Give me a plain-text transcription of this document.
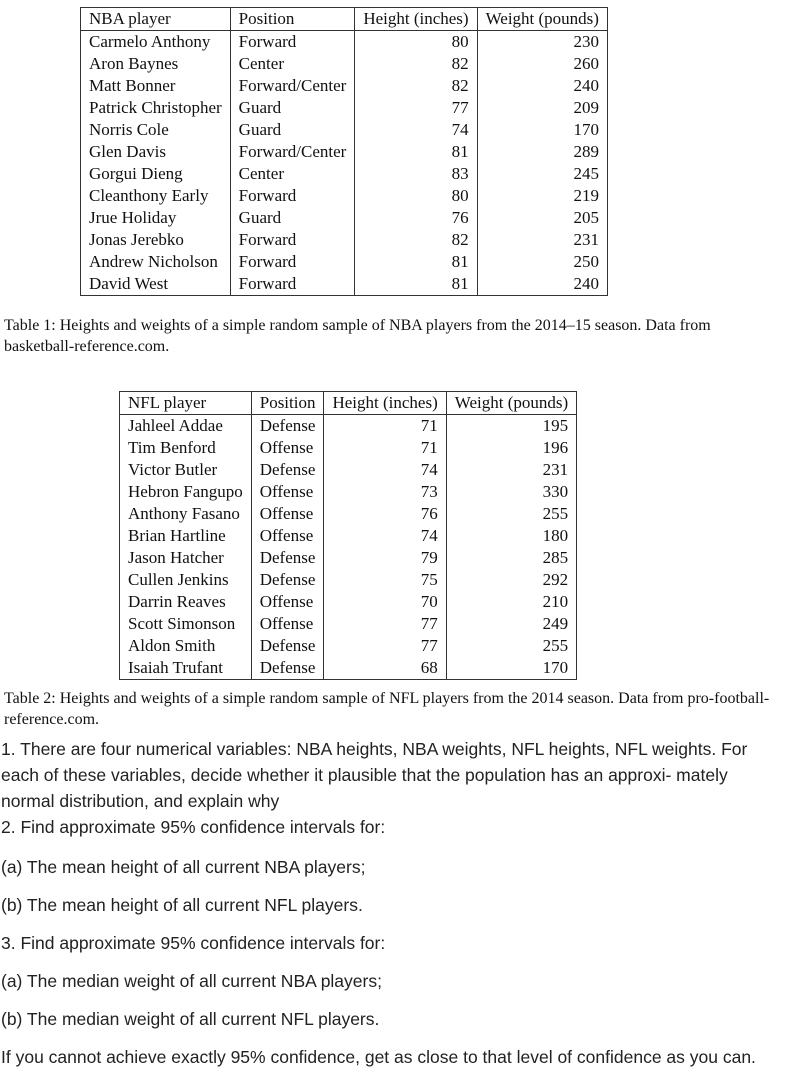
NBA player	Position	Height (inches)	Weight (pounds)
Carmelo Anthony	Forward	80	230
Aron Baynes	Center	82	260
Matt Bonner	Forward/Center	82	240
Patrick Christopher	Guard	77	209
Norris Cole	Guard	74	170
Glen Davis	Forward/Center	81	289
Gorgui Dieng	Center	83	245
Cleanthony Early	Forward	80	219
Jrue Holiday	Guard	76	205
Jonas Jerebko	Forward	82	231
Andrew Nicholson	Forward	81	250
David West	Forward	81	240

Table 1: Heights and weights of a simple random sample of NBA players from the 2014–15 season. Data from basketball-reference.com.

NFL player	Position	Height (inches)	Weight (pounds)
Jahleel Addae	Defense	71	195
Tim Benford	Offense	71	196
Victor Butler	Defense	74	231
Hebron Fangupo	Offense	73	330
Anthony Fasano	Offense	76	255
Brian Hartline	Offense	74	180
Jason Hatcher	Defense	79	285
Cullen Jenkins	Defense	75	292
Darrin Reaves	Offense	70	210
Scott Simonson	Offense	77	249
Aldon Smith	Defense	77	255
Isaiah Trufant	Defense	68	170

Table 2: Heights and weights of a simple random sample of NFL players from the 2014 season. Data from pro-football-reference.com.

1. There are four numerical variables: NBA heights, NBA weights, NFL heights, NFL weights. For each of these variables, decide whether it plausible that the population has an approxi- mately normal distribution, and explain why

2. Find approximate 95% confidence intervals for:

(a) The mean height of all current NBA players;

(b) The mean height of all current NFL players.

3. Find approximate 95% confidence intervals for:

(a) The median weight of all current NBA players;

(b) The median weight of all current NFL players.

If you cannot achieve exactly 95% confidence, get as close to that level of confidence as you can.
